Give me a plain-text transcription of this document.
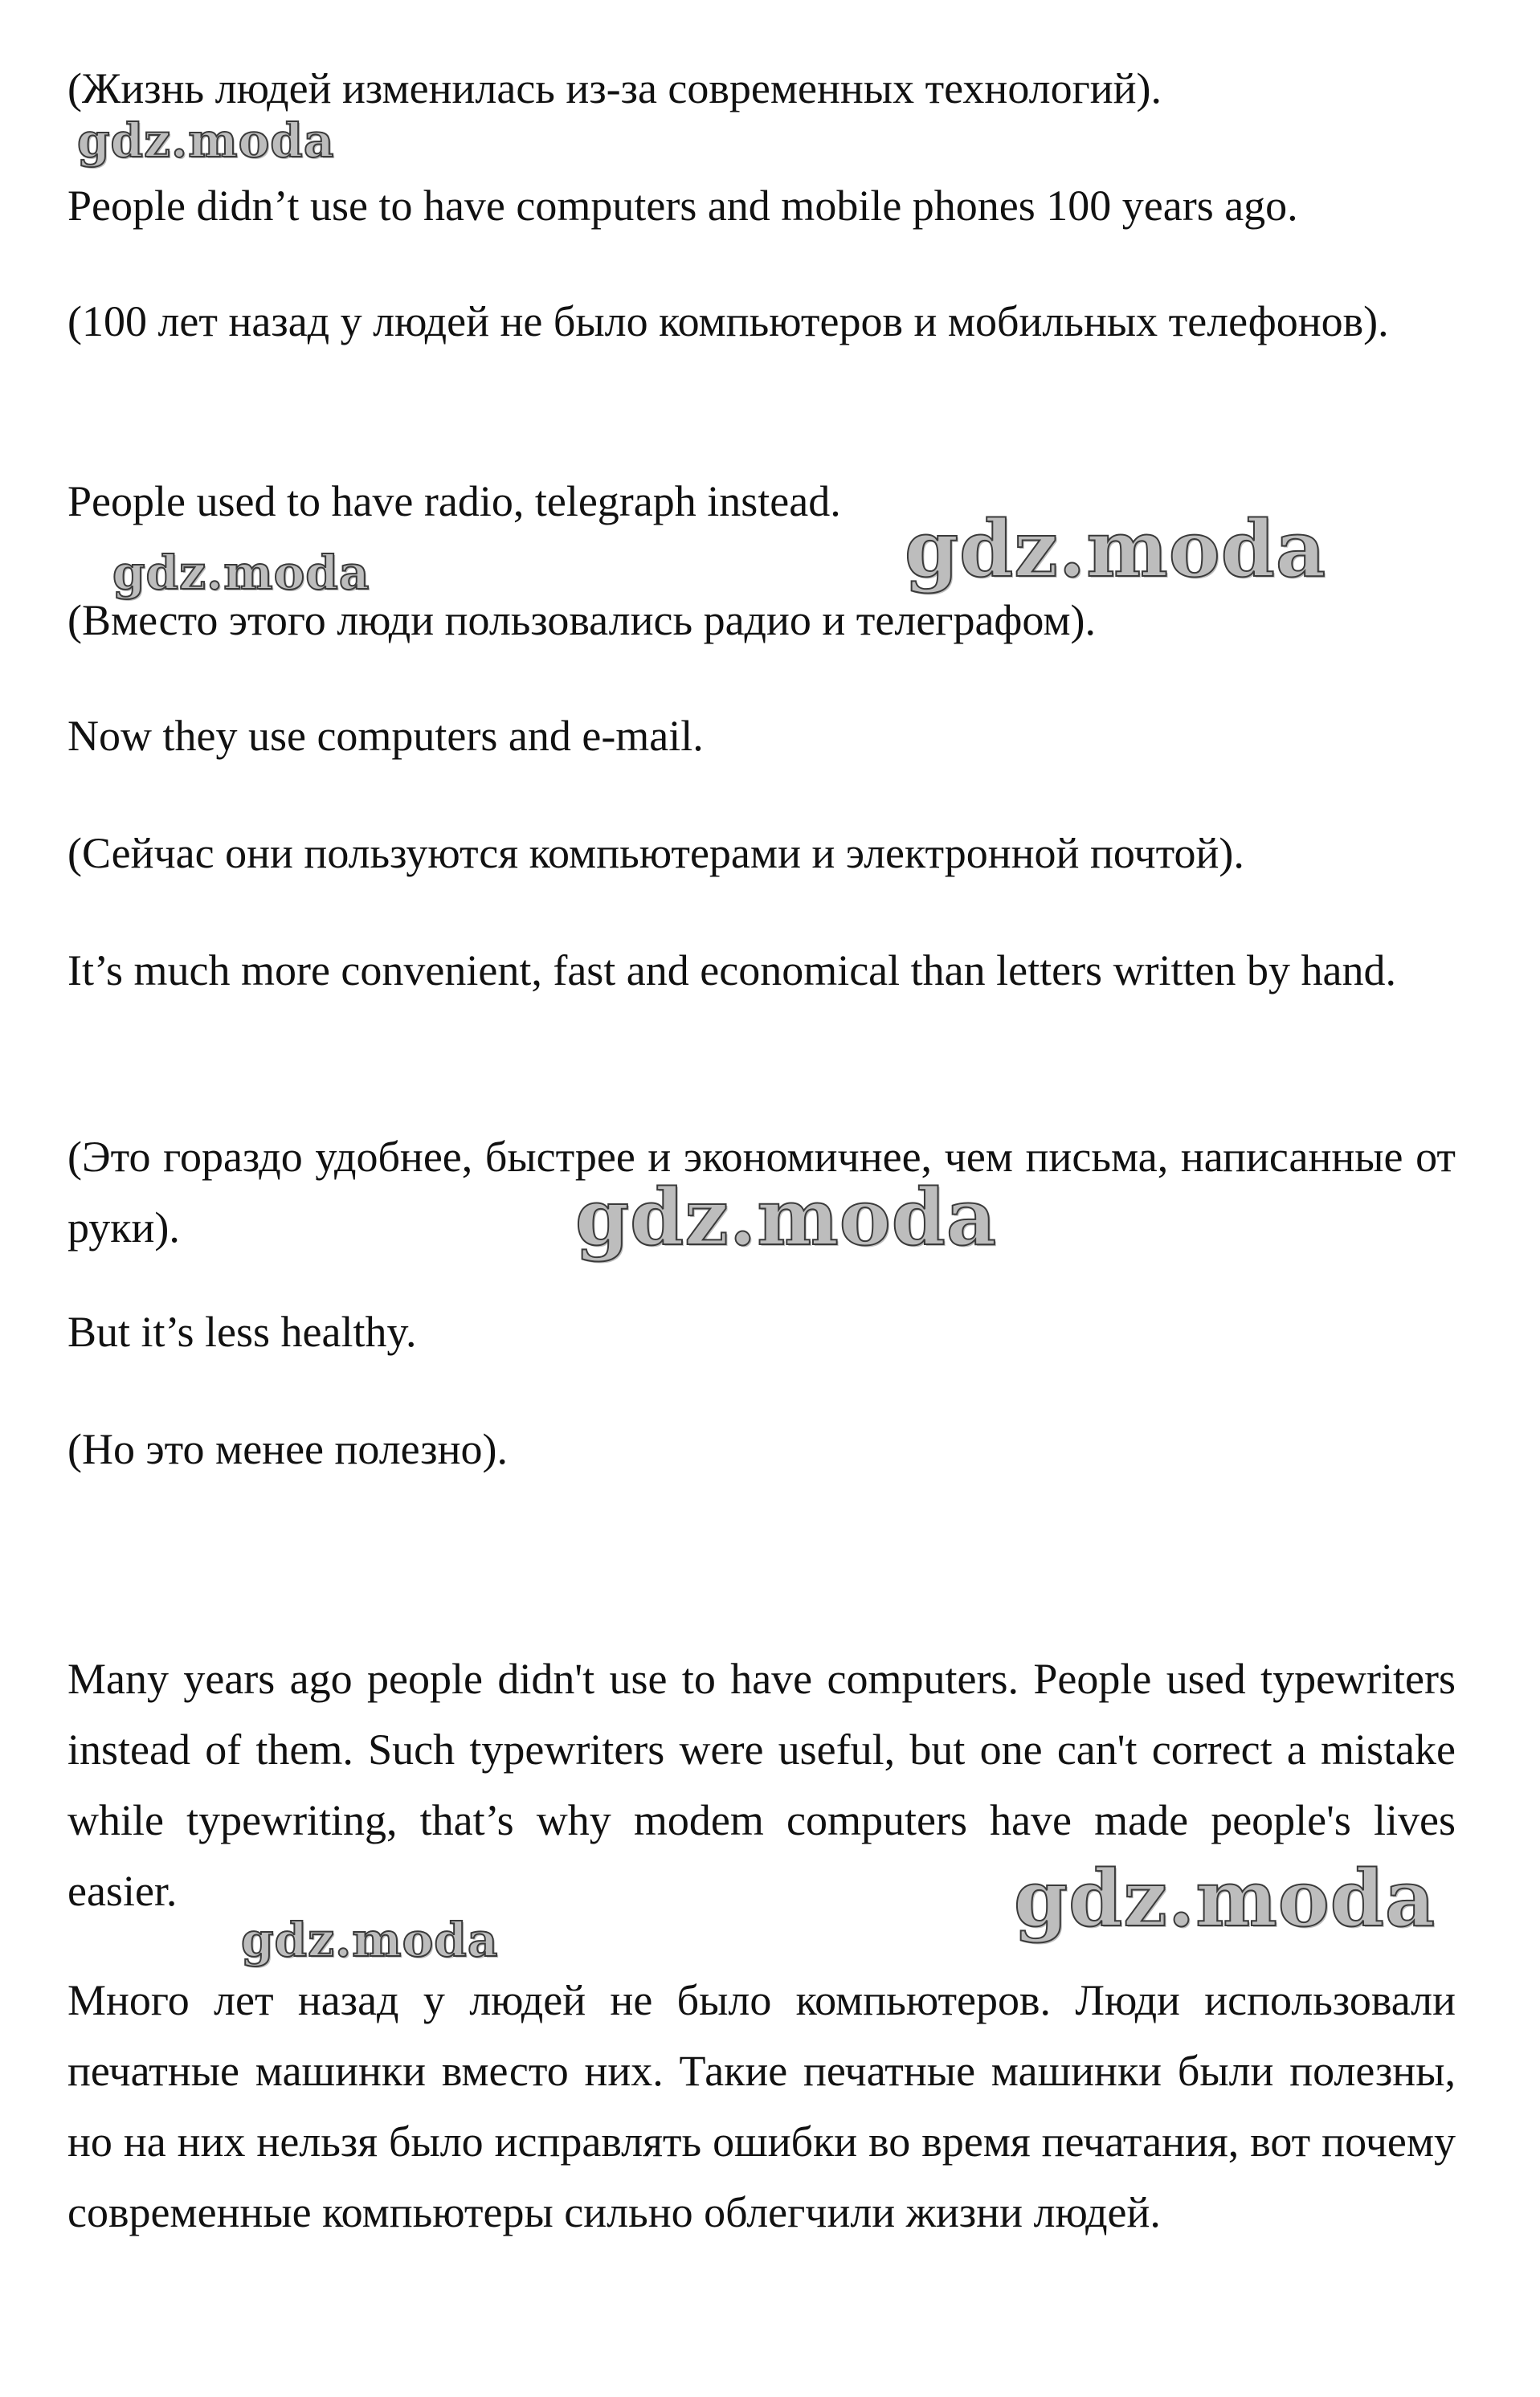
(Жизнь людей изменилась из-за современных технологий).

People didn’t use to have computers and mobile phones 100 years ago.

(100 лет назад у людей не было компьютеров и мобильных телефонов).

People used to have radio, telegraph instead.

(Вместо этого люди пользовались радио и телеграфом).

Now they use computers and e-mail.

(Сейчас они пользуются компьютерами и электронной почтой).

It’s much more convenient, fast and economical than letters written by hand.

(Это гораздо удобнее, быстрее и экономичнее, чем письма, написанные от руки).

But it’s less healthy.

(Но это менее полезно).

Many years ago people didn't use to have computers. People used typewriters instead of them. Such typewriters were useful, but one can't correct a mistake while typewriting, that’s why modem computers have made people's lives easier.

Много лет назад у людей не было компьютеров. Люди использовали печатные машинки вместо них. Такие печатные машинки были полезны, но на них нельзя было исправлять ошибки во время печатания, вот почему современные компьютеры сильно облегчили жизни людей.

gdz.moda
gdz.moda	gdz.moda
gdz.moda
gdz.moda
gdz.moda
